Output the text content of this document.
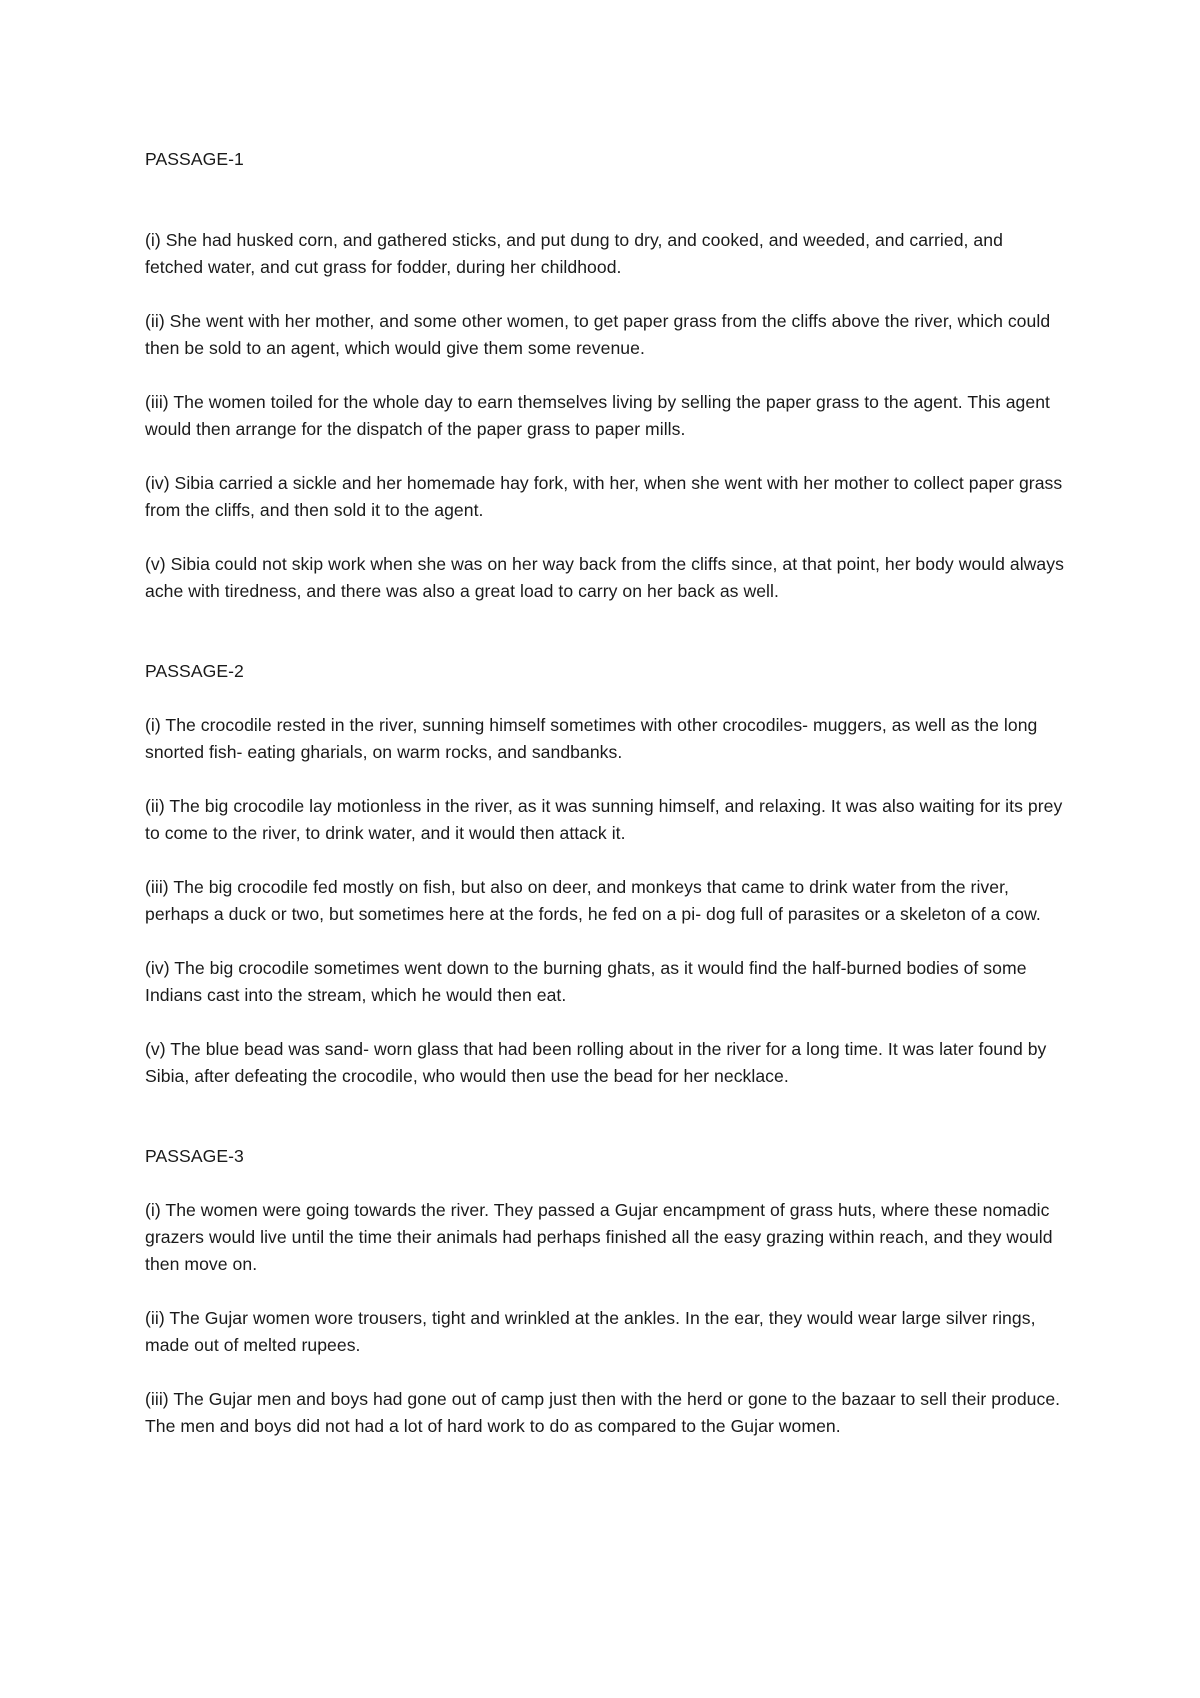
PASSAGE-1

(i) She had husked corn, and gathered sticks, and put dung to dry, and cooked, and weeded, and carried, and fetched water, and cut grass for fodder, during her childhood.

(ii) She went with her mother, and some other women, to get paper grass from the cliffs above the river, which could then be sold to an agent, which would give them some revenue.

(iii) The women toiled for the whole day to earn themselves living by selling the paper grass to the agent. This agent would then arrange for the dispatch of the paper grass to paper mills.

(iv) Sibia carried a sickle and her homemade hay fork, with her, when she went with her mother to collect paper grass from the cliffs, and then sold it to the agent.

(v) Sibia could not skip work when she was on her way back from the cliffs since, at that point, her body would always ache with tiredness, and there was also a great load to carry on her back as well.

PASSAGE-2

(i) The crocodile rested in the river, sunning himself sometimes with other crocodiles- muggers, as well as the long snorted fish- eating gharials, on warm rocks, and sandbanks.

(ii) The big crocodile lay motionless in the river, as it was sunning himself, and relaxing. It was also waiting for its prey to come to the river, to drink water, and it would then attack it.

(iii) The big crocodile fed mostly on fish, but also on deer, and monkeys that came to drink water from the river, perhaps a duck or two, but sometimes here at the fords, he fed on a pi- dog full of parasites or a skeleton of a cow.

(iv) The big crocodile sometimes went down to the burning ghats, as it would find the half-burned bodies of some Indians cast into the stream, which he would then eat.

(v) The blue bead was sand- worn glass that had been rolling about in the river for a long time. It was later found by Sibia, after defeating the crocodile, who would then use the bead for her necklace.

PASSAGE-3

(i) The women were going towards the river. They passed a Gujar encampment of grass huts, where these nomadic grazers would live until the time their animals had perhaps finished all the easy grazing within reach, and they would then move on.

(ii) The Gujar women wore trousers, tight and wrinkled at the ankles. In the ear, they would wear large silver rings, made out of melted rupees.

(iii) The Gujar men and boys had gone out of camp just then with the herd or gone to the bazaar to sell their produce. The men and boys did not had a lot of hard work to do as compared to the Gujar women.
